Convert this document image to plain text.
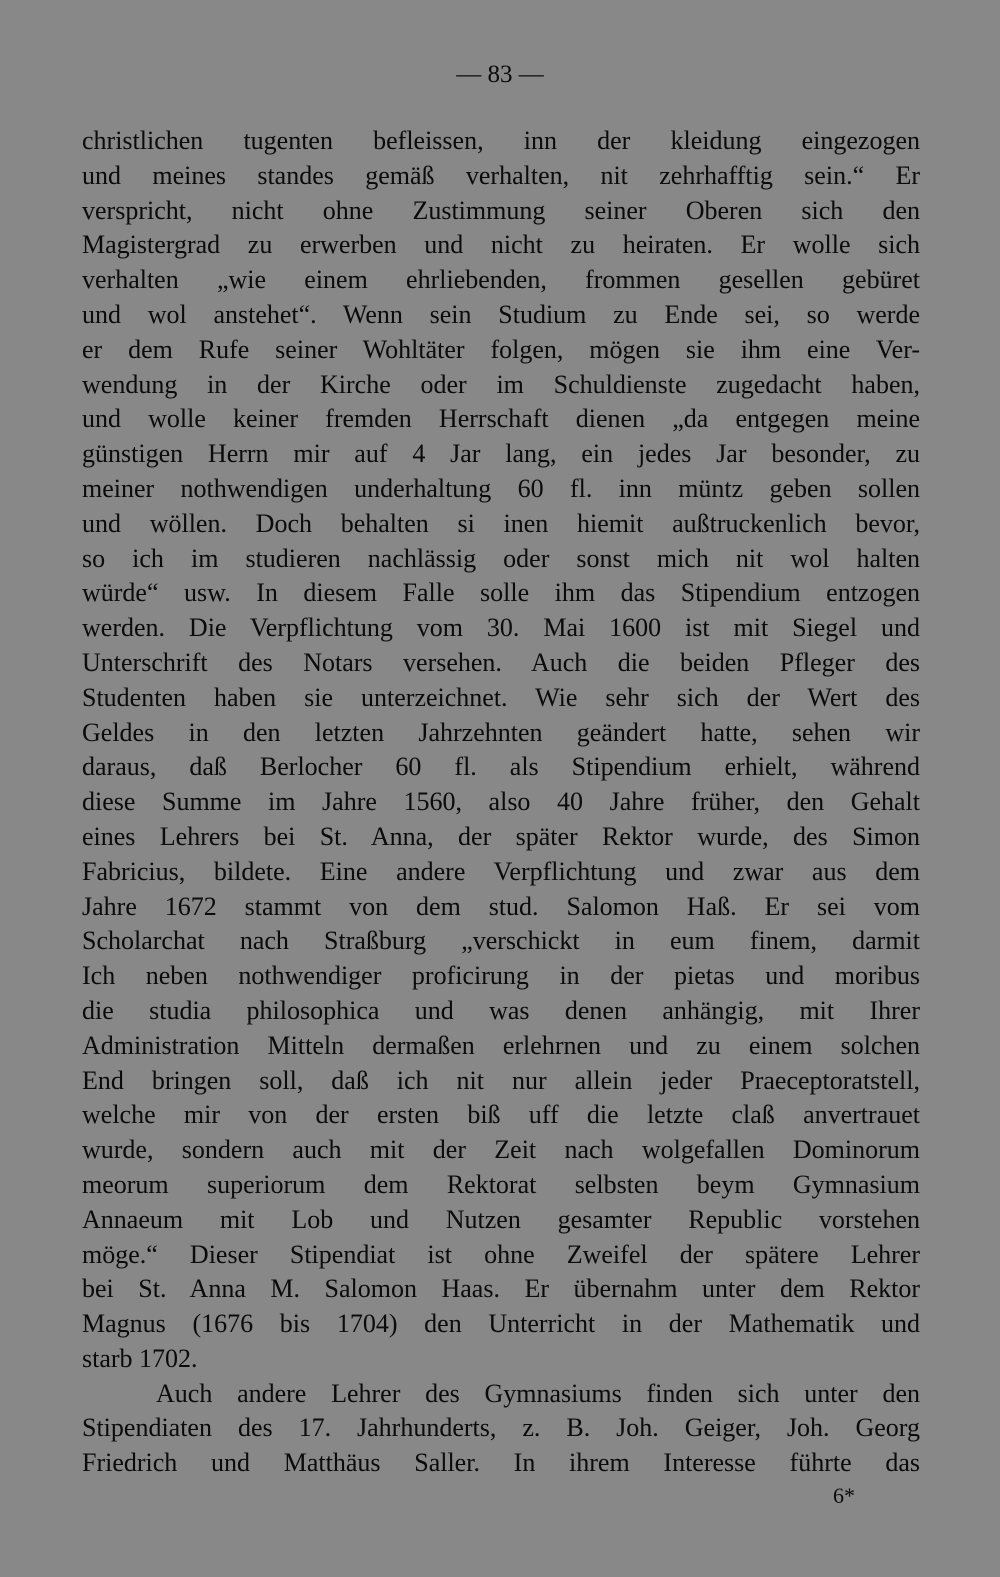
— 83 —
christlichen tugenten befleissen, inn der kleidung eingezogen
und meines standes gemäß verhalten, nit zehrhafftig sein.“ Er
verspricht, nicht ohne Zustimmung seiner Oberen sich den
Magistergrad zu erwerben und nicht zu heiraten. Er wolle sich
verhalten „wie einem ehrliebenden, frommen gesellen gebüret
und wol anstehet“. Wenn sein Studium zu Ende sei, so werde
er dem Rufe seiner Wohltäter folgen, mögen sie ihm eine Ver-
wendung in der Kirche oder im Schuldienste zugedacht haben,
und wolle keiner fremden Herrschaft dienen „da entgegen meine
günstigen Herrn mir auf 4 Jar lang, ein jedes Jar besonder, zu
meiner nothwendigen underhaltung 60 fl. inn müntz geben sollen
und wöllen. Doch behalten si inen hiemit außtruckenlich bevor,
so ich im studieren nachlässig oder sonst mich nit wol halten
würde“ usw. In diesem Falle solle ihm das Stipendium entzogen
werden. Die Verpflichtung vom 30. Mai 1600 ist mit Siegel und
Unterschrift des Notars versehen. Auch die beiden Pfleger des
Studenten haben sie unterzeichnet. Wie sehr sich der Wert des
Geldes in den letzten Jahrzehnten geändert hatte, sehen wir
daraus, daß Berlocher 60 fl. als Stipendium erhielt, während
diese Summe im Jahre 1560, also 40 Jahre früher, den Gehalt
eines Lehrers bei St. Anna, der später Rektor wurde, des Simon
Fabricius, bildete. Eine andere Verpflichtung und zwar aus dem
Jahre 1672 stammt von dem stud. Salomon Haß. Er sei vom
Scholarchat nach Straßburg „verschickt in eum finem, darmit
Ich neben nothwendiger proficirung in der pietas und moribus
die studia philosophica und was denen anhängig, mit Ihrer
Administration Mitteln dermaßen erlehrnen und zu einem solchen
End bringen soll, daß ich nit nur allein jeder Praeceptoratstell,
welche mir von der ersten biß uff die letzte claß anvertrauet
wurde, sondern auch mit der Zeit nach wolgefallen Dominorum
meorum superiorum dem Rektorat selbsten beym Gymnasium
Annaeum mit Lob und Nutzen gesamter Republic vorstehen
möge.“ Dieser Stipendiat ist ohne Zweifel der spätere Lehrer
bei St. Anna M. Salomon Haas. Er übernahm unter dem Rektor
Magnus (1676 bis 1704) den Unterricht in der Mathematik und
starb 1702.
Auch andere Lehrer des Gymnasiums finden sich unter den
Stipendiaten des 17. Jahrhunderts, z. B. Joh. Geiger, Joh. Georg
Friedrich und Matthäus Saller. In ihrem Interesse führte das
6*
